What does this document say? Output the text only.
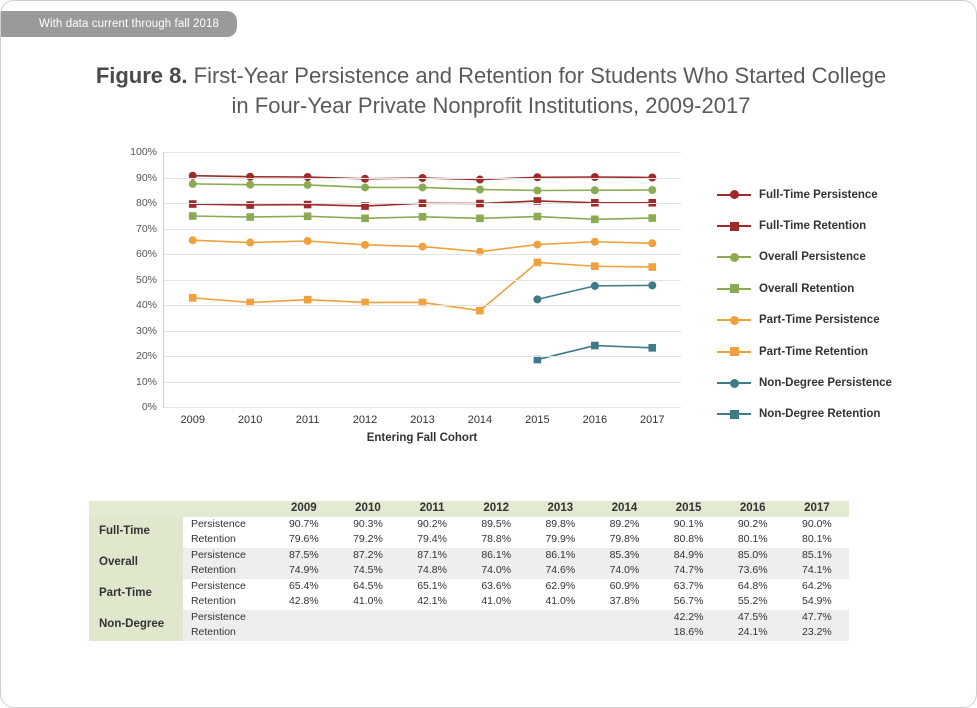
With data current through fall 2018
Figure 8. First-Year Persistence and Retention for Students Who Started College
in Four-Year Private Nonprofit Institutions, 2009-2017
0%
10%
20%
30%
40%
50%
60%
70%
80%
90%
100%
2009	2010	2011	2012	2013	2014	2015	2016	2017
Entering Fall Cohort
Full-Time Persistence
Full-Time Retention
Overall Persistence
Overall Retention
Part-Time Persistence
Part-Time Retention
Non-Degree Persistence
Non-Degree Retention
		2009	2010	2011	2012	2013	2014	2015	2016	2017
Full-Time	Persistence	90.7%	90.3%	90.2%	89.5%	89.8%	89.2%	90.1%	90.2%	90.0%
	Retention	79.6%	79.2%	79.4%	78.8%	79.9%	79.8%	80.8%	80.1%	80.1%
Overall	Persistence	87.5%	87.2%	87.1%	86.1%	86.1%	85.3%	84.9%	85.0%	85.1%
	Retention	74.9%	74.5%	74.8%	74.0%	74.6%	74.0%	74.7%	73.6%	74.1%
Part-Time	Persistence	65.4%	64.5%	65.1%	63.6%	62.9%	60.9%	63.7%	64.8%	64.2%
	Retention	42.8%	41.0%	42.1%	41.0%	41.0%	37.8%	56.7%	55.2%	54.9%
Non-Degree	Persistence							42.2%	47.5%	47.7%
	Retention							18.6%	24.1%	23.2%
